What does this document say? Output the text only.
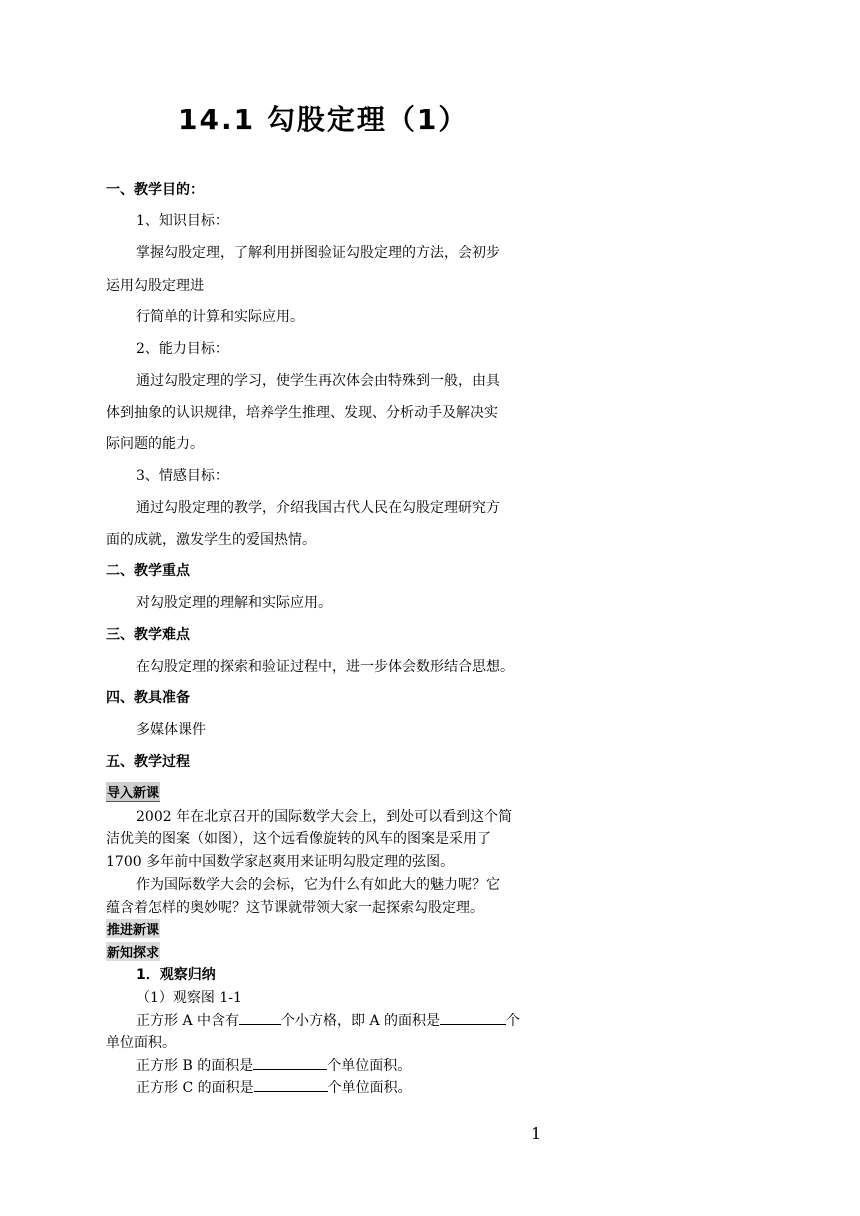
14.1 勾股定理（1）
一、教学目的：
1、知识目标：
掌握勾股定理，了解利用拼图验证勾股定理的方法，会初步
运用勾股定理进
行简单的计算和实际应用。
2、能力目标：
通过勾股定理的学习，使学生再次体会由特殊到一般，由具
体到抽象的认识规律，培养学生推理、发现、分析动手及解决实
际问题的能力。
3、情感目标：
通过勾股定理的教学，介绍我国古代人民在勾股定理研究方
面的成就，激发学生的爱国热情。
二、教学重点
对勾股定理的理解和实际应用。
三、教学难点
在勾股定理的探索和验证过程中，进一步体会数形结合思想。
四、教具准备
多媒体课件
五、教学过程
导入新课
2002 年在北京召开的国际数学大会上，到处可以看到这个简
洁优美的图案（如图），这个远看像旋转的风车的图案是采用了
1700 多年前中国数学家赵爽用来证明勾股定理的弦图。
作为国际数学大会的会标，它为什么有如此大的魅力呢？它
蕴含着怎样的奥妙呢？这节课就带领大家一起探索勾股定理。
推进新课
新知探求
1．观察归纳
（1）观察图 1-1
正方形 A 中含有	个小方格，即 A 的面积是	个
单位面积。
正方形 B 的面积是	个单位面积。
正方形 C 的面积是	个单位面积。
1
